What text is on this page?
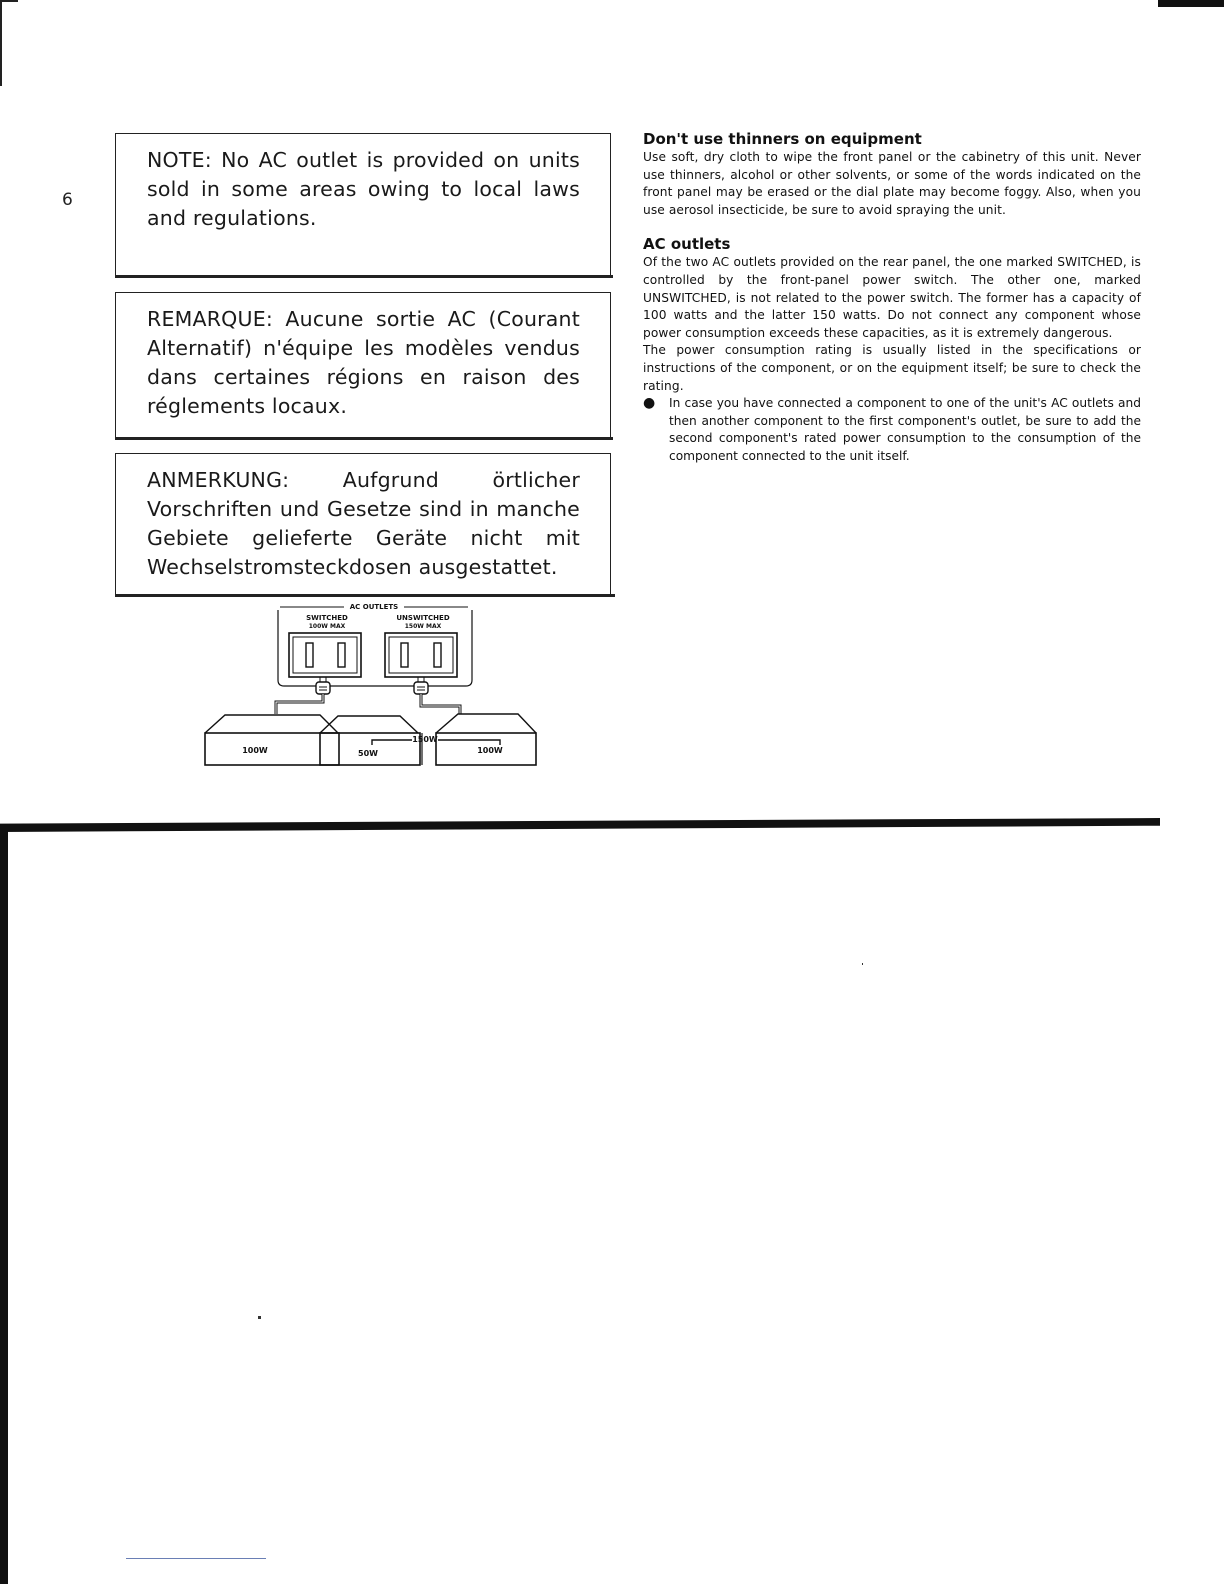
6
NOTE: No AC outlet is provided on units sold in some areas owing to local laws and regulations.
REMARQUE: Aucune sortie AC (Courant Alternatif) n'équipe les modèles vendus dans certaines régions en raison des réglements locaux.
ANMERKUNG: Aufgrund örtlicher Vorschriften und Gesetze sind in manche Gebiete gelieferte Geräte nicht mit Wechselstromsteckdosen ausgestattet.
Don't use thinners on equipment

Use soft, dry cloth to wipe the front panel or the cabinetry of this unit. Never use thinners, alcohol or other solvents, or some of the words indicated on the front panel may be erased or the dial plate may become foggy. Also, when you use aerosol insecticide, be sure to avoid spraying the unit.

AC outlets

Of the two AC outlets provided on the rear panel, the one marked SWITCHED, is controlled by the front-panel power switch. The other one, marked UNSWITCHED, is not related to the power switch. The former has a capacity of 100 watts and the latter 150 watts. Do not connect any component whose power consumption exceeds these capacities, as it is extremely dangerous.

The power consumption rating is usually listed in the specifications or instructions of the component, or on the equipment itself; be sure to check the rating.

●	In case you have connected a component to one of the unit's AC outlets and then another component to the first component's outlet, be sure to add the second component's rated power consumption to the consumption of the component connected to the unit itself.
AC OUTLETS
SWITCHED
100W MAX
UNSWITCHED
150W MAX
100W	50W	100W
150W
